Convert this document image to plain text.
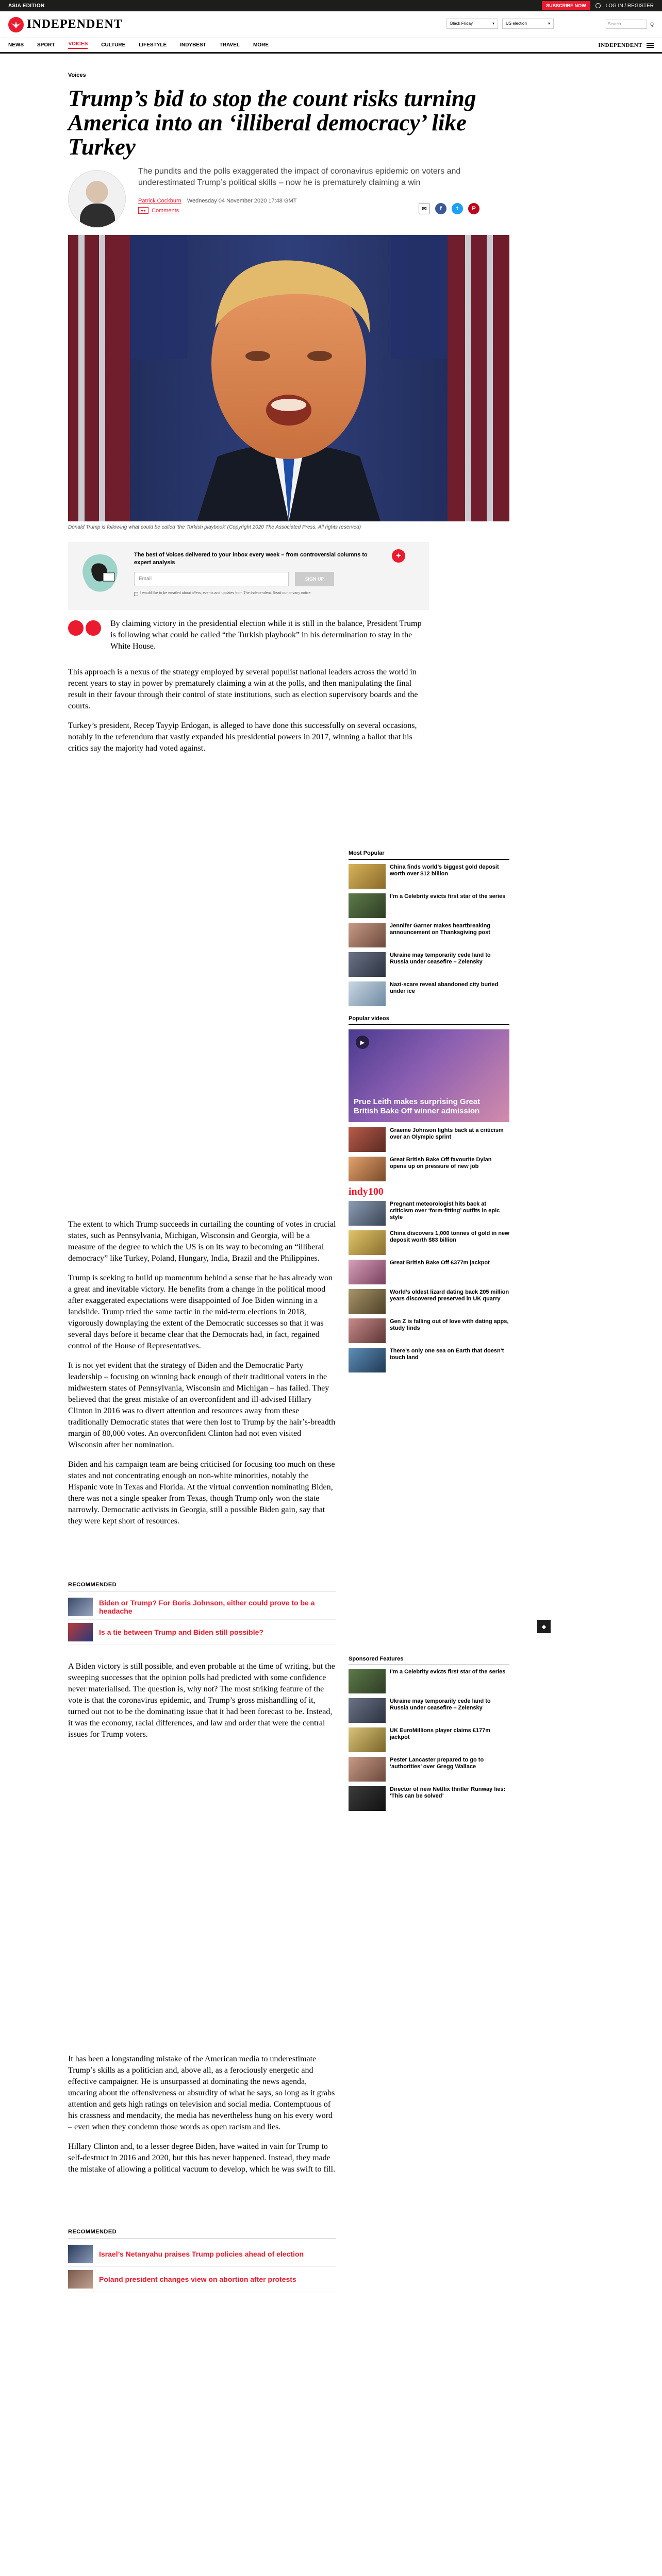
ASIA EDITION	SUBSCRIBE NOW	LOG IN / REGISTER
INDEPENDENT	Black Friday	▾	US election	▾	Search	Q
NEWS	SPORT	VOICES	CULTURE	LIFESTYLE	INDYBEST	TRAVEL	MORE	INDEPENDENT
Voices
Trump’s bid to stop the count risks turning America into an ‘illiberal democracy’ like Turkey

The pundits and the polls exaggerated the impact of coronavirus epidemic on voters and underestimated Trump’s political skills – now he is prematurely claiming a win

Patrick Cockburn Wednesday 04 November 2020 17:48 GMT
●●	Comments	✉	f	t	P
Donald Trump is following what could be called ‘the Turkish playbook’ (Copyright 2020 The Associated Press. All rights reserved)
The best of Voices delivered to your inbox every week – from controversial columns to expert analysis
✦
Email	SIGN UP
I would like to be emailed about offers, events and updates from The Independent. Read our privacy notice

By claiming victory in the presidential election while it is still in the balance, President Trump is following what could be called “the Turkish playbook” in his determination to stay in the White House.

This approach is a nexus of the strategy employed by several populist national leaders across the world in recent years to stay in power by prematurely claiming a win at the polls, and then manipulating the final result in their favour through their control of state institutions, such as election supervisory boards and the courts.

Turkey’s president, Recep Tayyip Erdogan, is alleged to have done this successfully on several occasions, notably in the referendum that vastly expanded his presidential powers in 2017, winning a ballot that his critics say the majority had voted against.

Most Popular
China finds world’s biggest gold deposit worth over $12 billion
I’m a Celebrity evicts first star of the series
Jennifer Garner makes heartbreaking announcement on Thanksgiving post
Ukraine may temporarily cede land to Russia under ceasefire – Zelensky
Nazi-scare reveal abandoned city buried under ice
Popular videos
▶
Prue Leith makes surprising Great British Bake Off winner admission
Graeme Johnson lights back at a criticism over an Olympic sprint
Great British Bake Off favourite Dylan opens up on pressure of new job
indy100
Pregnant meteorologist hits back at criticism over ‘form-fitting’ outfits in epic style
China discovers 1,000 tonnes of gold in new deposit worth $83 billion
Great British Bake Off £377m jackpot
World’s oldest lizard dating back 205 million years discovered preserved in UK quarry
Gen Z is falling out of love with dating apps, study finds
There’s only one sea on Earth that doesn’t touch land

The extent to which Trump succeeds in curtailing the counting of votes in crucial states, such as Pennsylvania, Michigan, Wisconsin and Georgia, will be a measure of the degree to which the US is on its way to becoming an “illiberal democracy” like Turkey, Poland, Hungary, India, Brazil and the Philippines.

Trump is seeking to build up momentum behind a sense that he has already won a great and inevitable victory. He benefits from a change in the political mood after exaggerated expectations were disappointed of Joe Biden winning in a landslide. Trump tried the same tactic in the mid-term elections in 2018, vigorously downplaying the extent of the Democratic successes so that it was several days before it became clear that the Democrats had, in fact, regained control of the House of Representatives.

It is not yet evident that the strategy of Biden and the Democratic Party leadership – focusing on winning back enough of their traditional voters in the midwestern states of Pennsylvania, Wisconsin and Michigan – has failed. They believed that the great mistake of an overconfident and ill-advised Hillary Clinton in 2016 was to divert attention and resources away from these traditionally Democratic states that were then lost to Trump by the hair’s-breadth margin of 80,000 votes. An overconfident Clinton had not even visited Wisconsin after her nomination.

Biden and his campaign team are being criticised for focusing too much on these states and not concentrating enough on non-white minorities, notably the Hispanic vote in Texas and Florida. At the virtual convention nominating Biden, there was not a single speaker from Texas, though Trump only won the state narrowly. Democratic activists in Georgia, still a possible Biden gain, say that they were kept short of resources.

RECOMMENDED
Biden or Trump? For Boris Johnson, either could prove to be a headache
Is a tie between Trump and Biden still possible?

A Biden victory is still possible, and even probable at the time of writing, but the sweeping successes that the opinion polls had predicted with some confidence never materialised. The question is, why not? The most striking feature of the vote is that the coronavirus epidemic, and Trump’s gross mishandling of it, turned out not to be the dominating issue that it had been forecast to be. Instead, it was the economy, racial differences, and law and order that were the central issues for Trump voters.

Sponsored Features
I’m a Celebrity evicts first star of the series
Ukraine may temporarily cede land to Russia under ceasefire – Zelensky
UK EuroMillions player claims £177m jackpot
Pester Lancaster prepared to go to ‘authorities’ over Gregg Wallace
Director of new Netflix thriller Runway lies: ‘This can be solved’
◆

It has been a longstanding mistake of the American media to underestimate Trump’s skills as a politician and, above all, as a ferociously energetic and effective campaigner. He is unsurpassed at dominating the news agenda, uncaring about the offensiveness or absurdity of what he says, so long as it grabs attention and gets high ratings on television and social media. Contemptuous of his crassness and mendacity, the media has nevertheless hung on his every word – even when they condemn those words as open racism and lies.

Hillary Clinton and, to a lesser degree Biden, have waited in vain for Trump to self-destruct in 2016 and 2020, but this has never happened. Instead, they made the mistake of allowing a political vacuum to develop, which he was swift to fill.

RECOMMENDED
Israel’s Netanyahu praises Trump policies ahead of election
Poland president changes view on abortion after protests
